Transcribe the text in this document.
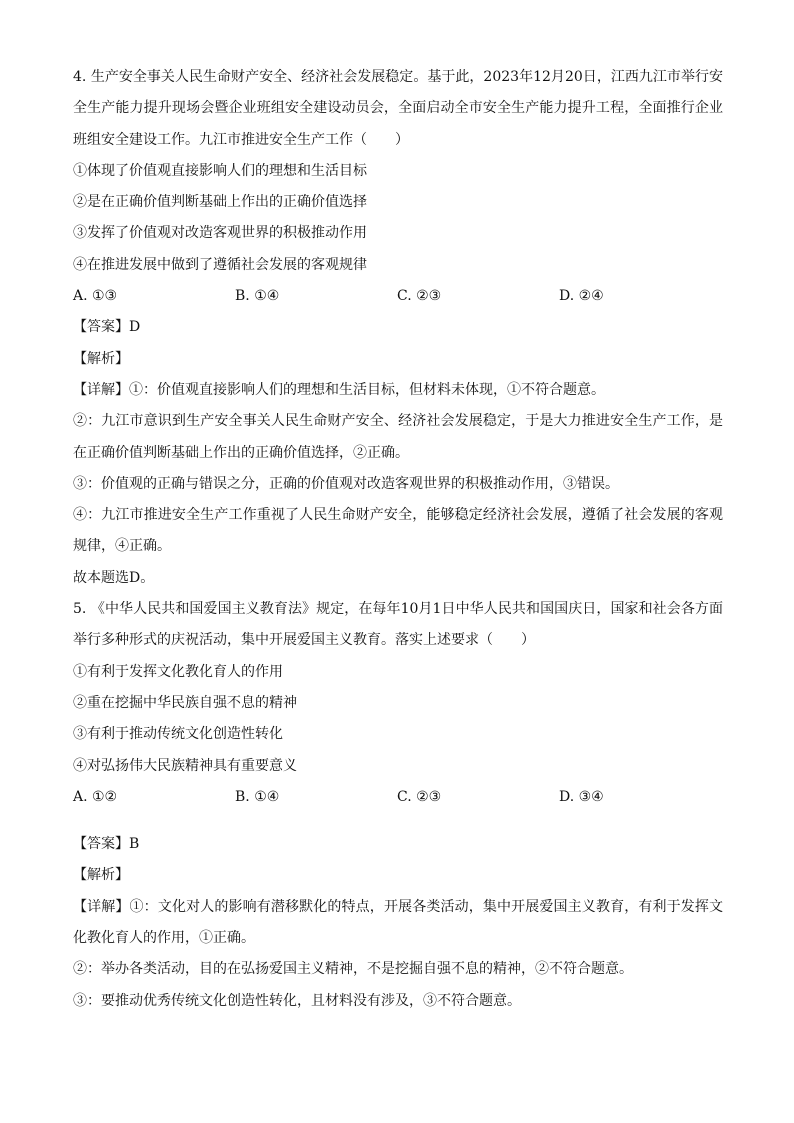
4. 生产安全事关人民生命财产安全、经济社会发展稳定。基于此，2023年12月20日，江西九江市举行安全生产能力提升现场会暨企业班组安全建设动员会，全面启动全市安全生产能力提升工程，全面推行企业班组安全建设工作。九江市推进安全生产工作（　　）
①体现了价值观直接影响人们的理想和生活目标
②是在正确价值判断基础上作出的正确价值选择
③发挥了价值观对改造客观世界的积极推动作用
④在推进发展中做到了遵循社会发展的客观规律
A. ①③	B. ①④	C. ②③	D. ②④
【答案】D
【解析】
【详解】①：价值观直接影响人们的理想和生活目标，但材料未体现，①不符合题意。
②：九江市意识到生产安全事关人民生命财产安全、经济社会发展稳定，于是大力推进安全生产工作，是在正确价值判断基础上作出的正确价值选择，②正确。
③：价值观的正确与错误之分，正确的价值观对改造客观世界的积极推动作用，③错误。
④：九江市推进安全生产工作重视了人民生命财产安全，能够稳定经济社会发展，遵循了社会发展的客观规律，④正确。
故本题选D。
5. 《中华人民共和国爱国主义教育法》规定，在每年10月1日中华人民共和国国庆日，国家和社会各方面举行多种形式的庆祝活动，集中开展爱国主义教育。落实上述要求（　　）
①有利于发挥文化教化育人的作用
②重在挖掘中华民族自强不息的精神
③有利于推动传统文化创造性转化
④对弘扬伟大民族精神具有重要意义
A. ①②	B. ①④	C. ②③	D. ③④
【答案】B
【解析】
【详解】①：文化对人的影响有潜移默化的特点，开展各类活动，集中开展爱国主义教育，有利于发挥文化教化育人的作用，①正确。
②：举办各类活动，目的在弘扬爱国主义精神，不是挖掘自强不息的精神，②不符合题意。
③：要推动优秀传统文化创造性转化，且材料没有涉及，③不符合题意。
